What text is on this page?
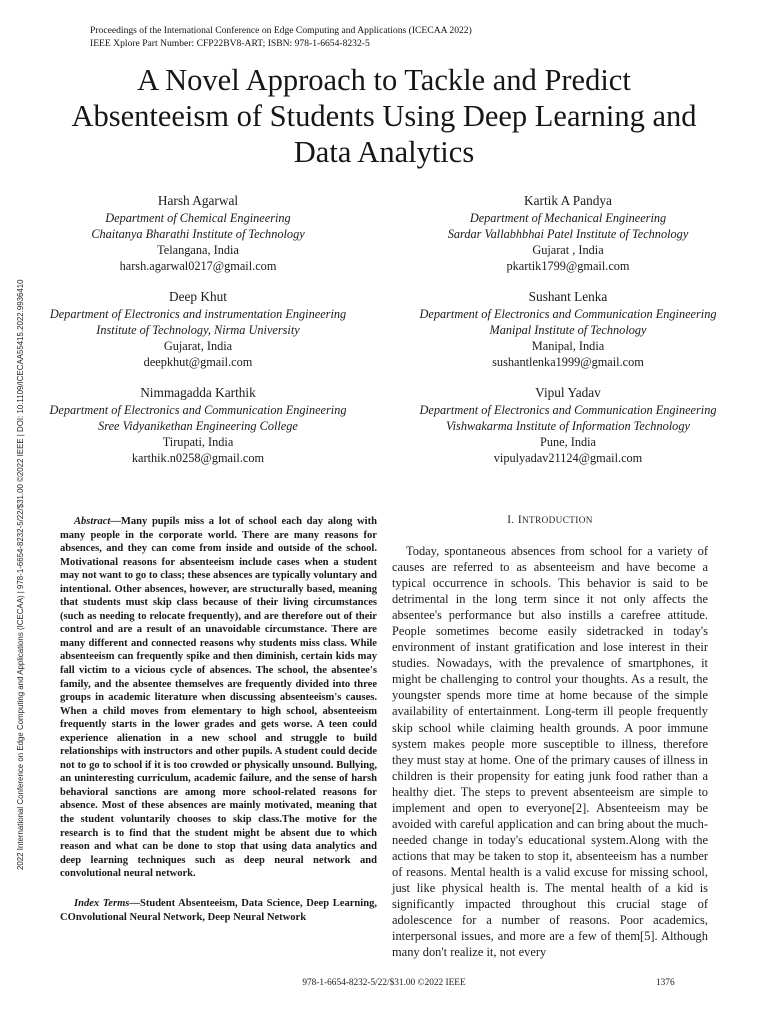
2022 International Conference on Edge Computing and Applications (ICECAA) | 978-1-6654-8232-5/22/$31.00 ©2022 IEEE | DOI: 10.1109/ICECAA55415.2022.9936410
Proceedings of the International Conference on Edge Computing and Applications (ICECAA 2022)
IEEE Xplore Part Number: CFP22BV8-ART; ISBN: 978-1-6654-8232-5
A Novel Approach to Tackle and Predict
Absenteeism of Students Using Deep Learning and
Data Analytics
Harsh Agarwal
Department of Chemical Engineering
Chaitanya Bharathi Institute of Technology
Telangana, India
harsh.agarwal0217@gmail.com
Kartik A Pandya
Department of Mechanical Engineering
Sardar Vallabhbhai Patel Institute of Technology
Gujarat , India
pkartik1799@gmail.com
Deep Khut
Department of Electronics and instrumentation Engineering
Institute of Technology, Nirma University
Gujarat, India
deepkhut@gmail.com
Sushant Lenka
Department of Electronics and Communication Engineering
Manipal Institute of Technology
Manipal, India
sushantlenka1999@gmail.com
Nimmagadda Karthik
Department of Electronics and Communication Engineering
Sree Vidyanikethan Engineering College
Tirupati, India
karthik.n0258@gmail.com
Vipul Yadav
Department of Electronics and Communication Engineering
Vishwakarma Institute of Information Technology
Pune, India
vipulyadav21124@gmail.com

Abstract—Many pupils miss a lot of school each day along with many people in the corporate world. There are many reasons for absences, and they can come from inside and outside of the school. Motivational reasons for absenteeism include cases when a student may not want to go to class; these absences are typically voluntary and intentional. Other absences, however, are structurally based, meaning that students must skip class because of their living circumstances (such as needing to relocate frequently), and are therefore out of their control and are a result of an unavoidable circumstance. There are many different and connected reasons why students miss class. While absenteeism can frequently spike and then diminish, certain kids may fall victim to a vicious cycle of absences. The school, the absentee's family, and the absentee themselves are frequently divided into three groups in academic literature when discussing absenteeism's causes. When a child moves from elementary to high school, absenteeism frequently starts in the lower grades and gets worse. A teen could experience alienation in a new school and struggle to build relationships with instructors and other pupils. A student could decide not to go to school if it is too crowded or physically unsound. Bullying, an uninteresting curriculum, academic failure, and the sense of harsh behavioral sanctions are among more school-related reasons for absence. Most of these absences are mainly motivated, meaning that the student voluntarily chooses to skip class.The motive for the research is to find that the student might be absent due to which reason and what can be done to stop that using data analytics and deep learning techniques such as deep neural network and convolutional neural network.

Index Terms—Student Absenteeism, Data Science, Deep Learning, COnvolutional Neural Network, Deep Neural Network

I. INTRODUCTION

Today, spontaneous absences from school for a variety of causes are referred to as absenteeism and have become a typical occurrence in schools. This behavior is said to be detrimental in the long term since it not only affects the absentee's performance but also instills a carefree attitude. People sometimes become easily sidetracked in today's environment of instant gratification and lose interest in their studies. Nowadays, with the prevalence of smartphones, it might be challenging to control your thoughts. As a result, the youngster spends more time at home because of the simple availability of entertainment. Long-term ill people frequently skip school while claiming health grounds. A poor immune system makes people more susceptible to illness, therefore they must stay at home. One of the primary causes of illness in children is their propensity for eating junk food rather than a healthy diet. The steps to prevent absenteeism are simple to implement and open to everyone[2]. Absenteeism may be avoided with careful application and can bring about the much-needed change in today's educational system.Along with the actions that may be taken to stop it, absenteeism has a number of reasons. Mental health is a valid excuse for missing school, just like physical health is. The mental health of a kid is significantly impacted throughout this crucial stage of adolescence for a number of reasons. Poor academics, interpersonal issues, and more are a few of them[5]. Although many don't realize it, not every

978-1-6654-8232-5/22/$31.00 ©2022 IEEE	1376
